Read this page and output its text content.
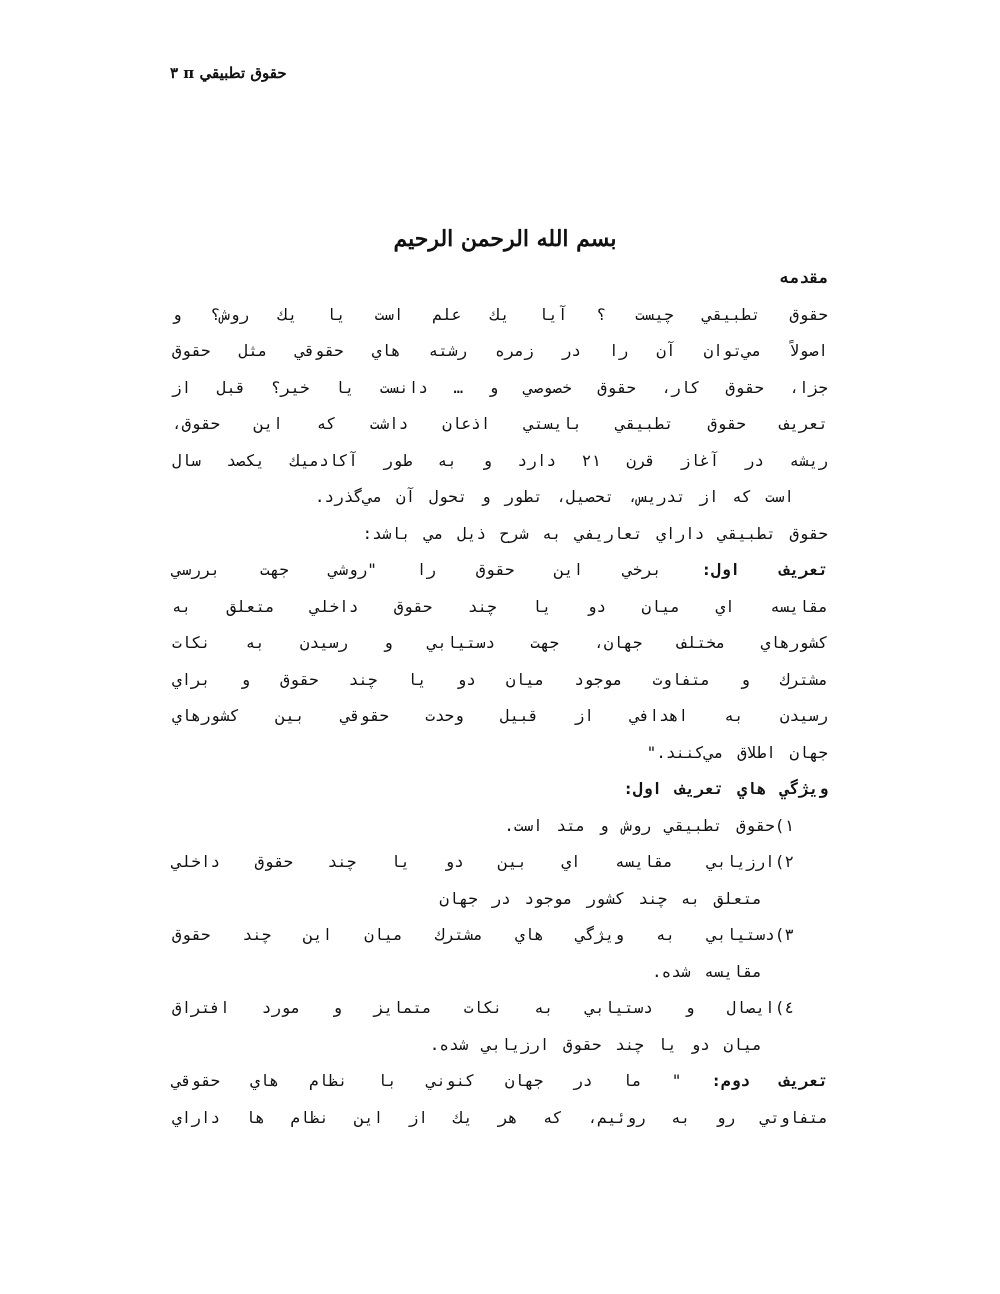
حقوق تطبيقي π ٣
بسم الله الرحمن الرحيم
مقدمه
حقوق تطبيقي چيست ؟ آيا يك علم است يا يك روش؟ و
اصولاً مي‌توان آن را در زمره رشته هاي حقوقي مثل حقوق
جزا، حقوق كار، حقوق خصوصي و … دانست يا خير؟ قبل از
تعريف حقوق تطبيقي بايستي اذعان داشت كه اين حقوق،
ريشه در آغاز قرن ٢١ دارد و به طور آكادميك يكصد سال
است كه از تدريس، تحصيل، تطور و تحول آن مي‌گذرد.
حقوق تطبيقي داراي تعاريفي به شرح ذيل مي باشد:
تعريف اول: برخي اين حقوق را "روشي جهت بررسي
مقايسه اي ميان دو يا چند حقوق داخلي متعلق به
كشورهاي مختلف جهان، جهت دستيابي و رسيدن به نكات
مشترك و متفاوت موجود ميان دو يا چند حقوق و براي
رسيدن به اهدافي از قبيل وحدت حقوقي بين كشورهاي
جهان اطلاق مي‌كنند."
ويژگي هاي تعريف اول:
١)حقوق تطبيقي روش و متد است.
٢)ارزيابي مقايسه اي بين دو يا چند حقوق داخلي
متعلق به چند كشور موجود در جهان
٣)دستيابي به ويژگي هاي مشترك ميان اين چند حقوق
مقايسه شده.
٤)ايصال و دستيابي به نكات متمايز و مورد افتراق
ميان دو يا چند حقوق ارزيابي شده.
تعريف دوم: " ما در جهان كنوني با نظام هاي حقوقي
متفاوتي رو به روئيم، كه هر يك از اين نظام ها داراي
